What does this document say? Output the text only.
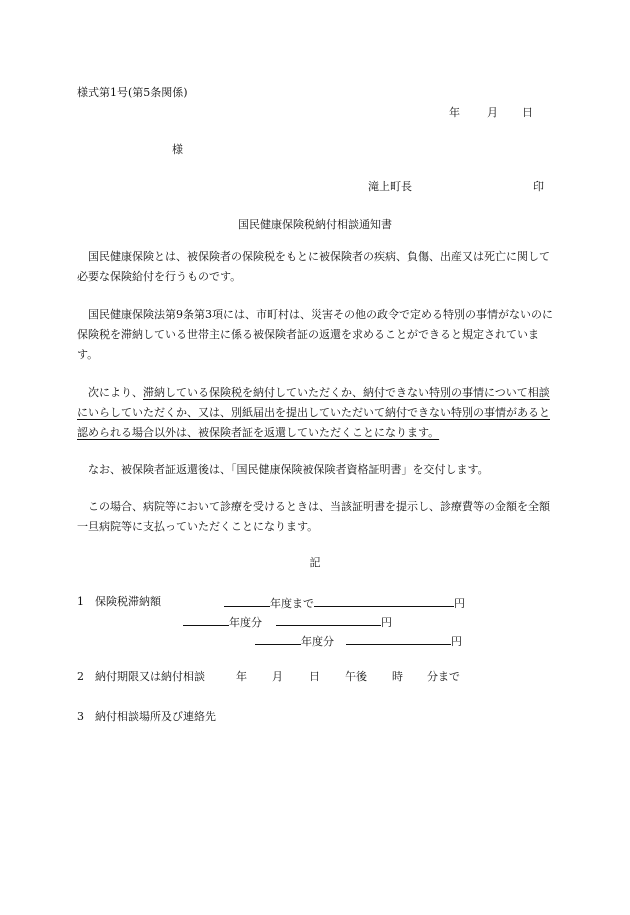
様式第1号(第5条関係)
年 月 日
様
滝上町長	印
国民健康保険税納付相談通知書

国民健康保険とは、被保険者の保険税をもとに被保険者の疾病、負傷、出産又は死亡に関して必要な保険給付を行うものです。

国民健康保険法第9条第3項には、市町村は、災害その他の政令で定める特別の事情がないのに保険税を滞納している世帯主に係る被保険者証の返還を求めることができると規定されています。

次により、滞納している保険税を納付していただくか、納付できない特別の事情について相談にいらしていただくか、又は、別紙届出を提出していただいて納付できない特別の事情があると認められる場合以外は、被保険者証を返還していただくことになります。

なお、被保険者証返還後は、「国民健康保険被保険者資格証明書」を交付します。

この場合、病院等において診療を受けるときは、当該証明書を提示し、診療費等の金額を全額一旦病院等に支払っていただくことになります。

記
1 保険税滞納額	年度まで	円
年度分	円
年度分	円
2 納付期限又は納付相談	年 月 日 午後 時 分まで
3 納付相談場所及び連絡先
